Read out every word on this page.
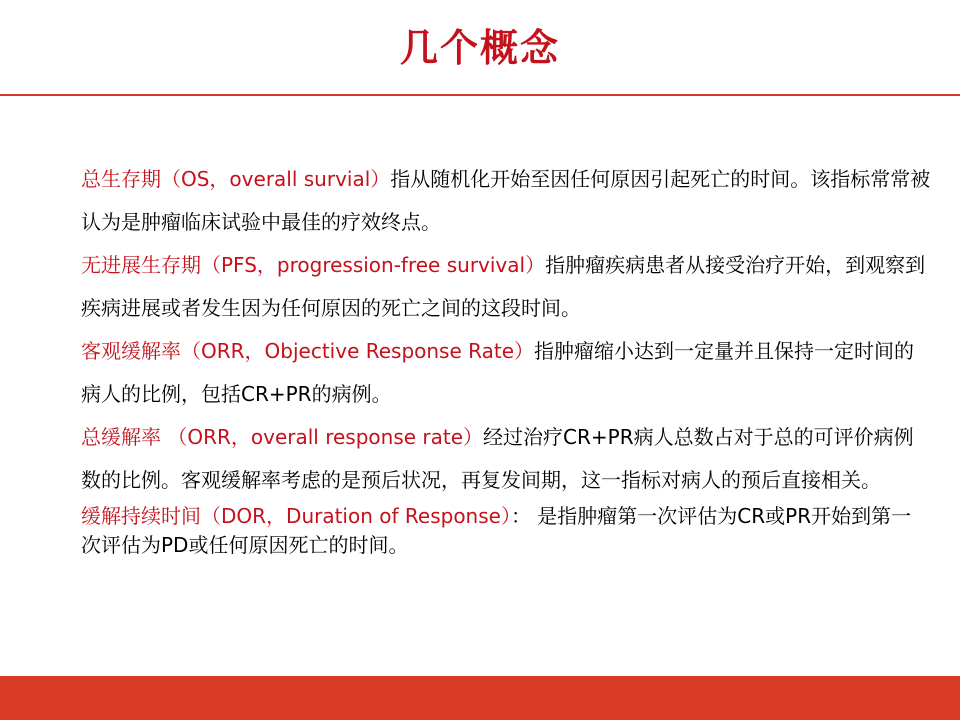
几个概念

总生存期（OS，overall survial）指从随机化开始至因任何原因引起死亡的时间。该指标常常被认为是肿瘤临床试验中最佳的疗效终点。

无进展生存期（PFS，progression-free survival）指肿瘤疾病患者从接受治疗开始，到观察到疾病进展或者发生因为任何原因的死亡之间的这段时间。

客观缓解率（ORR，Objective Response Rate）指肿瘤缩小达到一定量并且保持一定时间的病人的比例，包括CR+PR的病例。

总缓解率 （ORR，overall response rate）经过治疗CR+PR病人总数占对于总的可评价病例数的比例。客观缓解率考虑的是预后状况，再复发间期，这一指标对病人的预后直接相关。

缓解持续时间（DOR，Duration of Response）： 是指肿瘤第一次评估为CR或PR开始到第一次评估为PD或任何原因死亡的时间。
